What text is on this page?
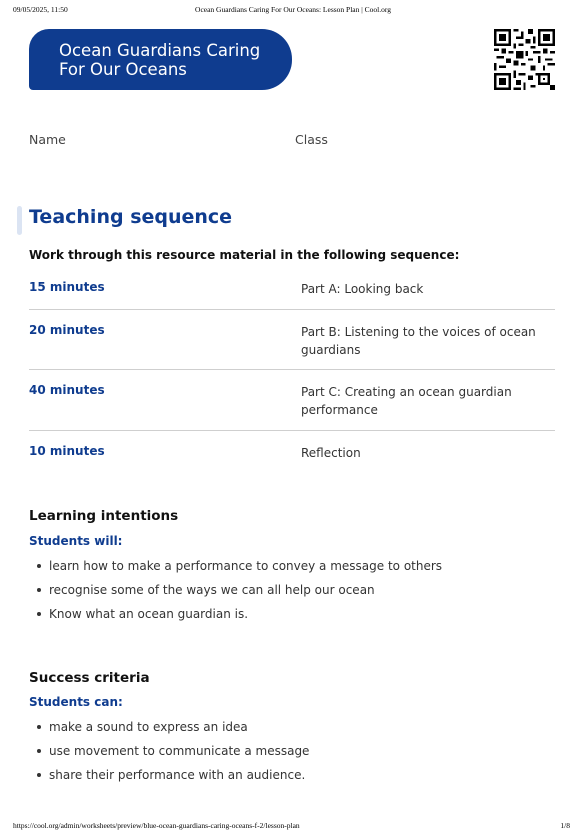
09/05/2025, 11:50	Ocean Guardians Caring For Our Oceans: Lesson Plan | Cool.org
Ocean Guardians Caring For Our Oceans
Name	Class
Teaching sequence
Work through this resource material in the following sequence:
15 minutes	Part A: Looking back
20 minutes	Part B: Listening to the voices of ocean guardians
40 minutes	Part C: Creating an ocean guardian performance
10 minutes	Reflection
Learning intentions
Students will:
learn how to make a performance to convey a message to others
recognise some of the ways we can all help our ocean
Know what an ocean guardian is.
Success criteria
Students can:
make a sound to express an idea
use movement to communicate a message
share their performance with an audience.
https://cool.org/admin/worksheets/preview/blue-ocean-guardians-caring-oceans-f-2/lesson-plan	1/8
